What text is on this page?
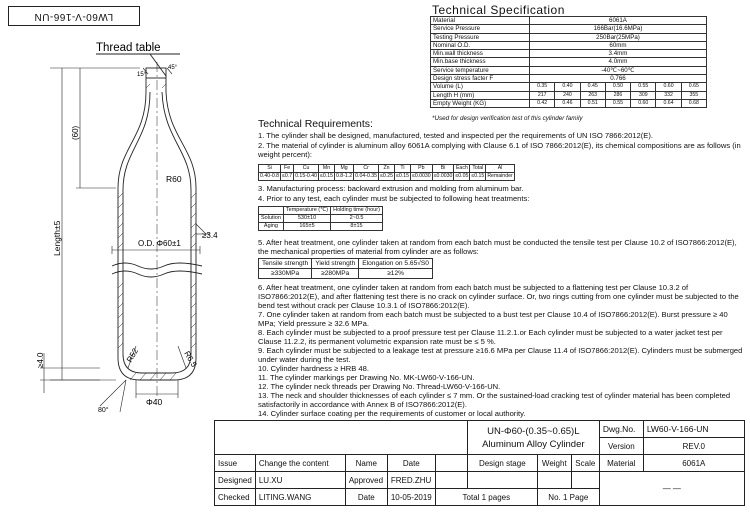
LW60-V-166-UN
Thread table
15°
45°
(60)
Length±5
R60
O.D. Φ60±1
≥3.4
R52	R6.5
≥4.0
Φ40
80°
Technical Specification
Material	6061A						
Service Pressure	166Bar(16.6MPa)						
Testing Pressure	250Bar(25MPa)						
Nominal O.D.	60mm						
Min.wall thickness	3.4mm						
Min.base thickness	4.0mm						
Service temperature	-40℃~60℃						
Design stress facter F	0.766						
Volume (L)	0.35	0.40	0.45	0.50	0.55	0.60	0.65
Length H (mm)	217	240	263	286	309	332	355
Empty Weight (KG)	0.42	0.46	0.51	0.55	0.60	0.64	0.68
*Used for design verification test of this cylinder family
Technical Requirements:
1. The cylinder shall be designed, manufactured, tested and inspected per the requirements of UN ISO 7866:2012(E).
2. The material of cylinder is aluminum alloy 6061A complying with Clause 6.1 of ISO 7866:2012(E), its chemical compositions are as follows (in weight percent):
Si	Fe	Cu	Mn	Mg	Cr	Zn	Ti	Pb	Bi	Each	Total	Al
0.40-0.8	≤0.7	0.15-0.40	≤0.15	0.8-1.2	0.04-0.35	≤0.25	≤0.15	≤0.0030	≤0.0030	≤0.05	≤0.15	Remainder
3. Manufacturing process: backward extrusion and molding from aluminum bar.
4. Prior to any test, each cylinder must be subjected to following heat treatments:
	Temperature (℃)	Holding time (hour)
Solution	530±10	2~0.5
Aging	165±5	8±15
5. After heat treatment, one cylinder taken at random from each batch must be conducted the tensile test per Clause 10.2 of ISO7866:2012(E), the mechanical properties of material from cylinder are as follows:
Tensile strength	Yield strength	Elongation on 5.65√S0
≥330MPa	≥280MPa	≥12%
6. After heat treatment, one cylinder taken at random from each batch must be subjected to a flattening test per Clause 10.3.2 of ISO7866:2012(E), and after flattening test there is no crack on cylinder surface. Or, two rings cutting from one cylinder must be subjected to the bend test without crack per Clause 10.3.1 of ISO7866:2012(E).
7. One cylinder taken at random from each batch must be subjected to a bust test per Clause 10.4 of ISO7866:2012(E). Burst pressure ≥ 40 MPa; Yield pressure ≥ 32.6 MPa.
8. Each cylinder must be subjected to a proof pressure test per Clause 11.2.1.or Each cylinder must be subjected to a water jacket test per Clause 11.2.2, its permanent volumetric expansion rate must be ≤ 5 %.
9. Each cylinder must be subjected to a leakage test at pressure ≥16.6 MPa per Clause 11.4 of ISO7866:2012(E). Cylinders must be submerged under water during the test.
10. Cylinder hardness ≥ HRB 48.
11. The cylinder markings per Drawing No. MK-LW60-V-166-UN.
12. The cylinder neck threads per Drawing No. Thread-LW60-V-166-UN.
13. The neck and shoulder thicknesses of each cylinder ≤ 7 mm. Or the sustained-load cracking test of cylinder material has been completed satisfactorily in accordance with Annex B of ISO7866:2012(E).
14. Cylinder surface coating per the requirements of customer or local authority.

					UN-Φ60-(0.35~0.65)L
Aluminum Alloy Cylinder			Dwg.No.	LW60-V-166-UN
								Version	REV.0
								Material	6061A
Issue	Change the content	Name	Date		Design stage	Weight	Scale		
Designed	LU.XU	Approved	FRED.ZHU					— —	
Checked	LITING.WANG	Date	10-05-2019	Total 1 pages		No. 1 Page			
